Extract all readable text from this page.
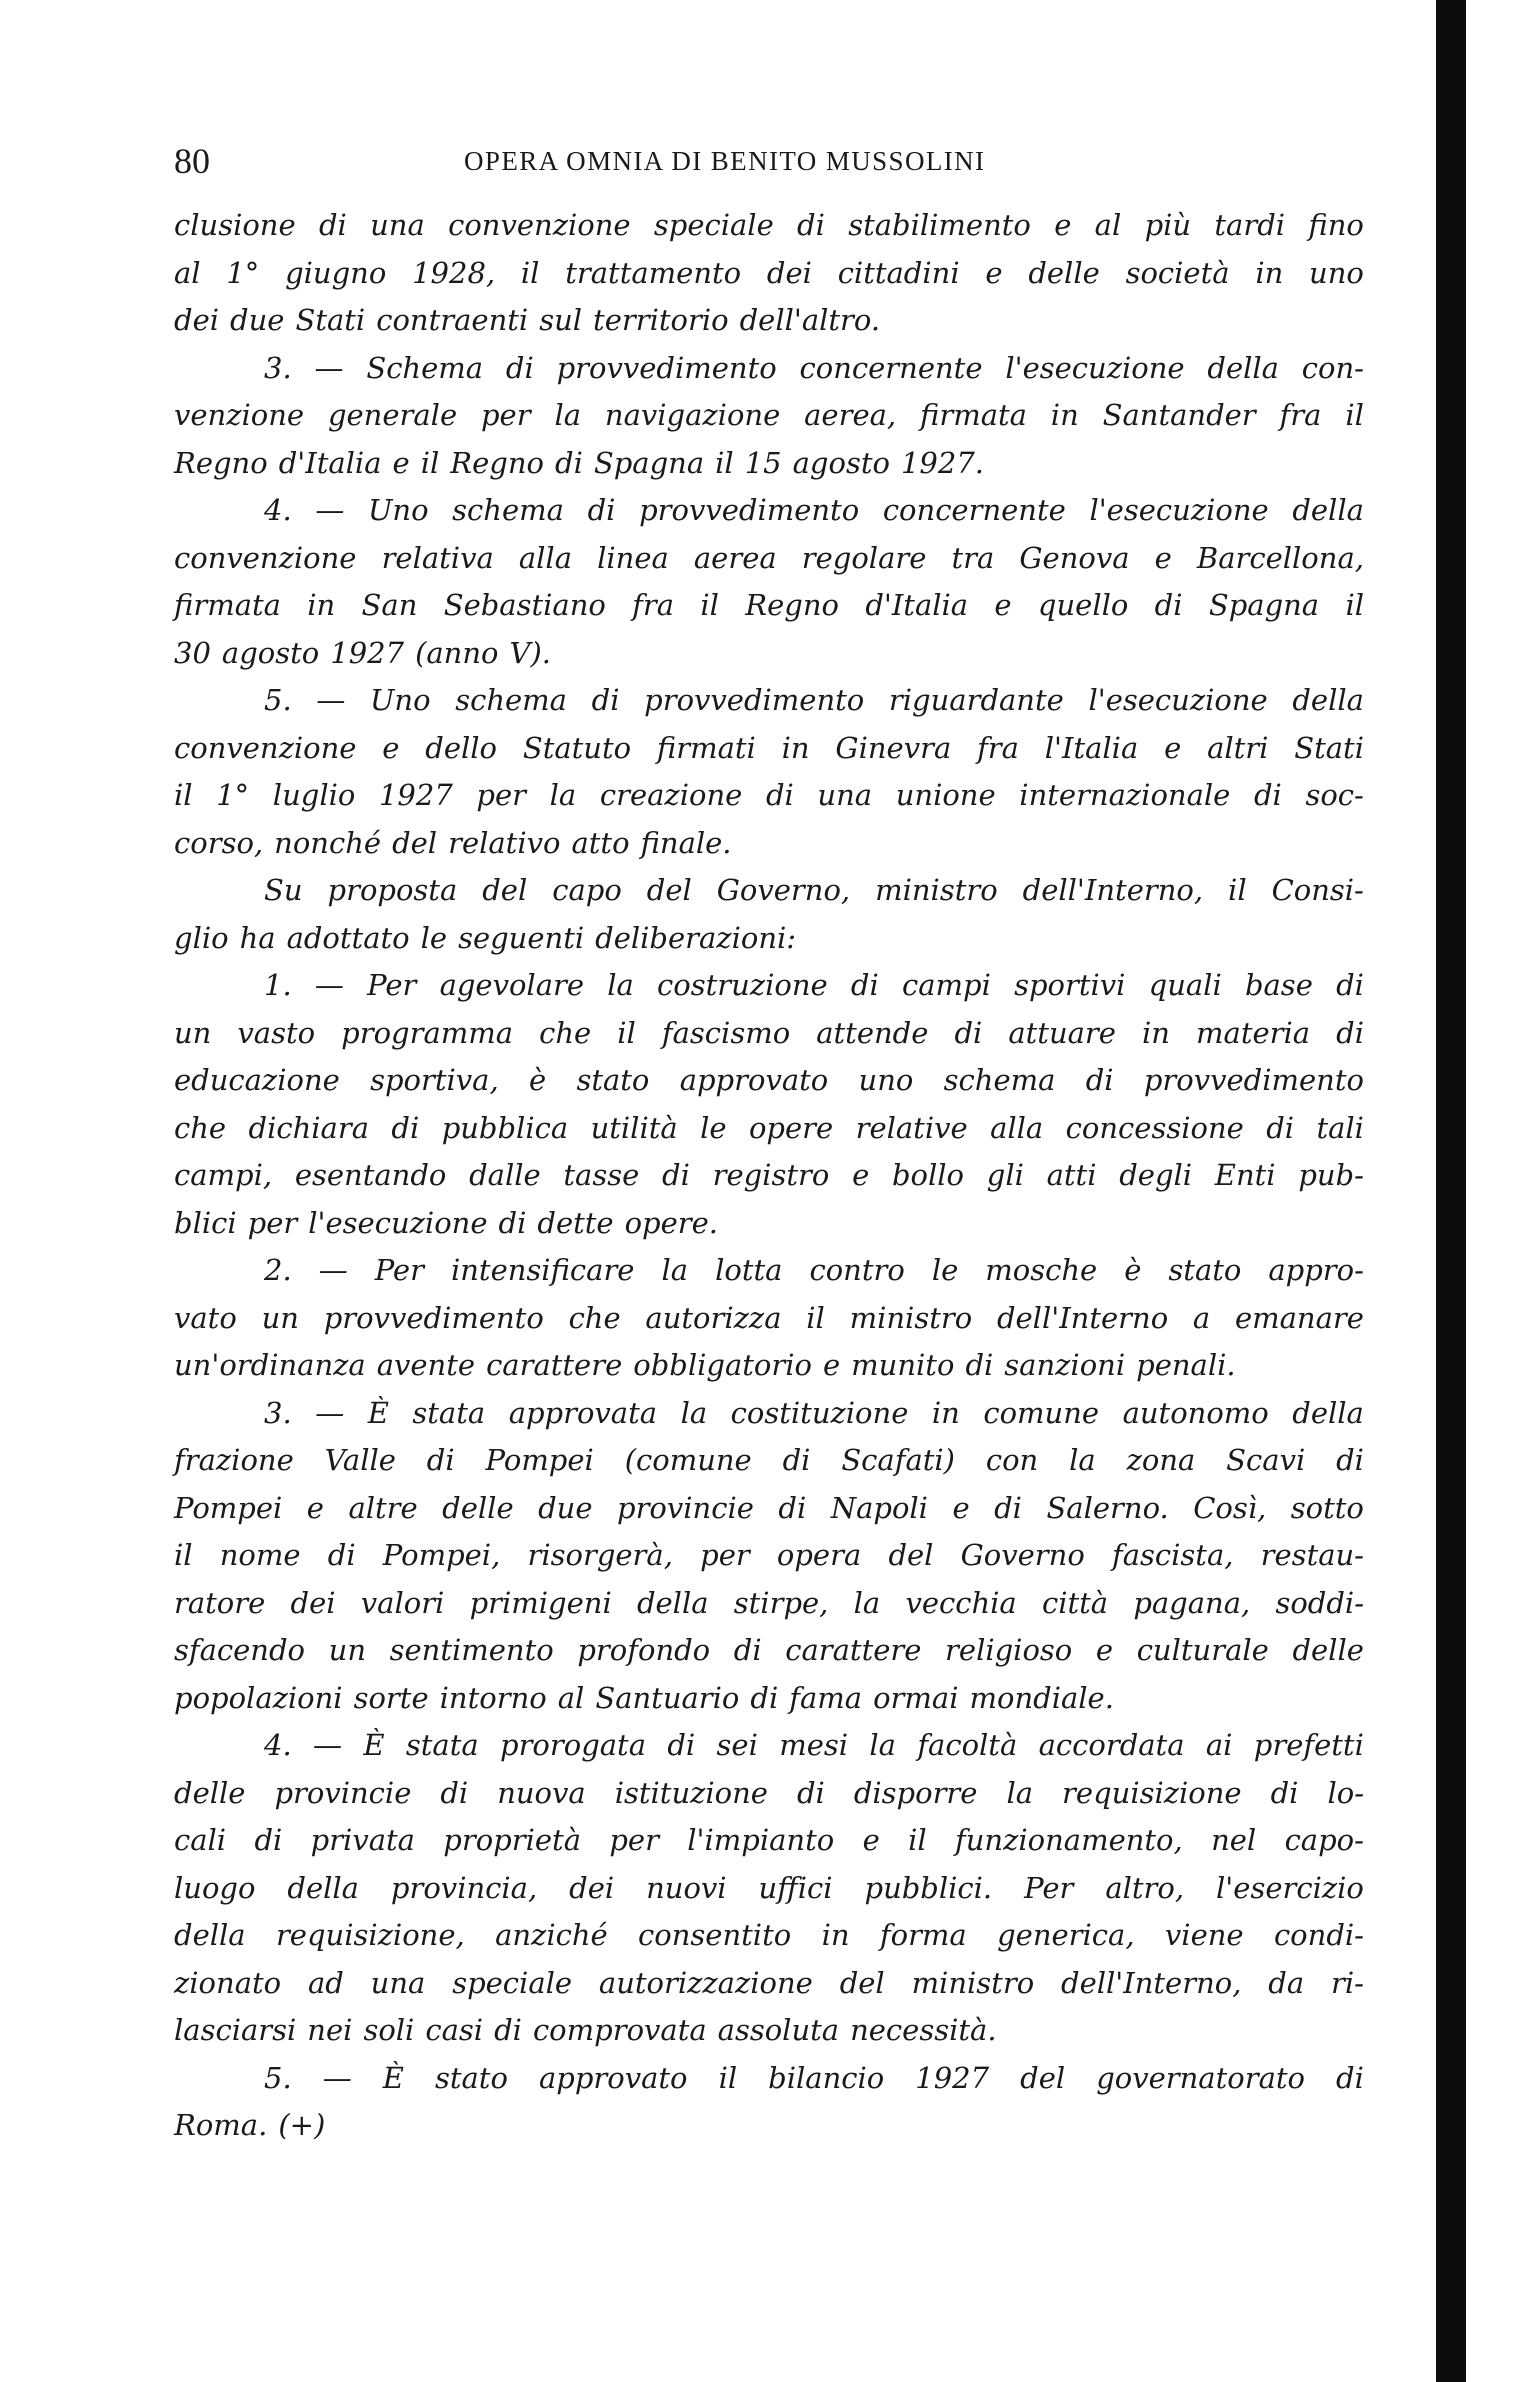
80	OPERA OMNIA DI BENITO MUSSOLINI
clusione di una convenzione speciale di stabilimento e al più tardi fino
al 1° giugno 1928, il trattamento dei cittadini e delle società in uno
dei due Stati contraenti sul territorio dell'altro.
3. — Schema di provvedimento concernente l'esecuzione della con-
venzione generale per la navigazione aerea, firmata in Santander fra il
Regno d'Italia e il Regno di Spagna il 15 agosto 1927.
4. — Uno schema di provvedimento concernente l'esecuzione della
convenzione relativa alla linea aerea regolare tra Genova e Barcellona,
firmata in San Sebastiano fra il Regno d'Italia e quello di Spagna il
30 agosto 1927 (anno V).
5. — Uno schema di provvedimento riguardante l'esecuzione della
convenzione e dello Statuto firmati in Ginevra fra l'Italia e altri Stati
il 1° luglio 1927 per la creazione di una unione internazionale di soc-
corso, nonché del relativo atto finale.
Su proposta del capo del Governo, ministro dell'Interno, il Consi-
glio ha adottato le seguenti deliberazioni:
1. — Per agevolare la costruzione di campi sportivi quali base di
un vasto programma che il fascismo attende di attuare in materia di
educazione sportiva, è stato approvato uno schema di provvedimento
che dichiara di pubblica utilità le opere relative alla concessione di tali
campi, esentando dalle tasse di registro e bollo gli atti degli Enti pub-
blici per l'esecuzione di dette opere.
2. — Per intensificare la lotta contro le mosche è stato appro-
vato un provvedimento che autorizza il ministro dell'Interno a emanare
un'ordinanza avente carattere obbligatorio e munito di sanzioni penali.
3. — È stata approvata la costituzione in comune autonomo della
frazione Valle di Pompei (comune di Scafati) con la zona Scavi di
Pompei e altre delle due provincie di Napoli e di Salerno. Così, sotto
il nome di Pompei, risorgerà, per opera del Governo fascista, restau-
ratore dei valori primigeni della stirpe, la vecchia città pagana, soddi-
sfacendo un sentimento profondo di carattere religioso e culturale delle
popolazioni sorte intorno al Santuario di fama ormai mondiale.
4. — È stata prorogata di sei mesi la facoltà accordata ai prefetti
delle provincie di nuova istituzione di disporre la requisizione di lo-
cali di privata proprietà per l'impianto e il funzionamento, nel capo-
luogo della provincia, dei nuovi uffici pubblici. Per altro, l'esercizio
della requisizione, anziché consentito in forma generica, viene condi-
zionato ad una speciale autorizzazione del ministro dell'Interno, da ri-
lasciarsi nei soli casi di comprovata assoluta necessità.
5. — È stato approvato il bilancio 1927 del governatorato di
Roma. (+)
